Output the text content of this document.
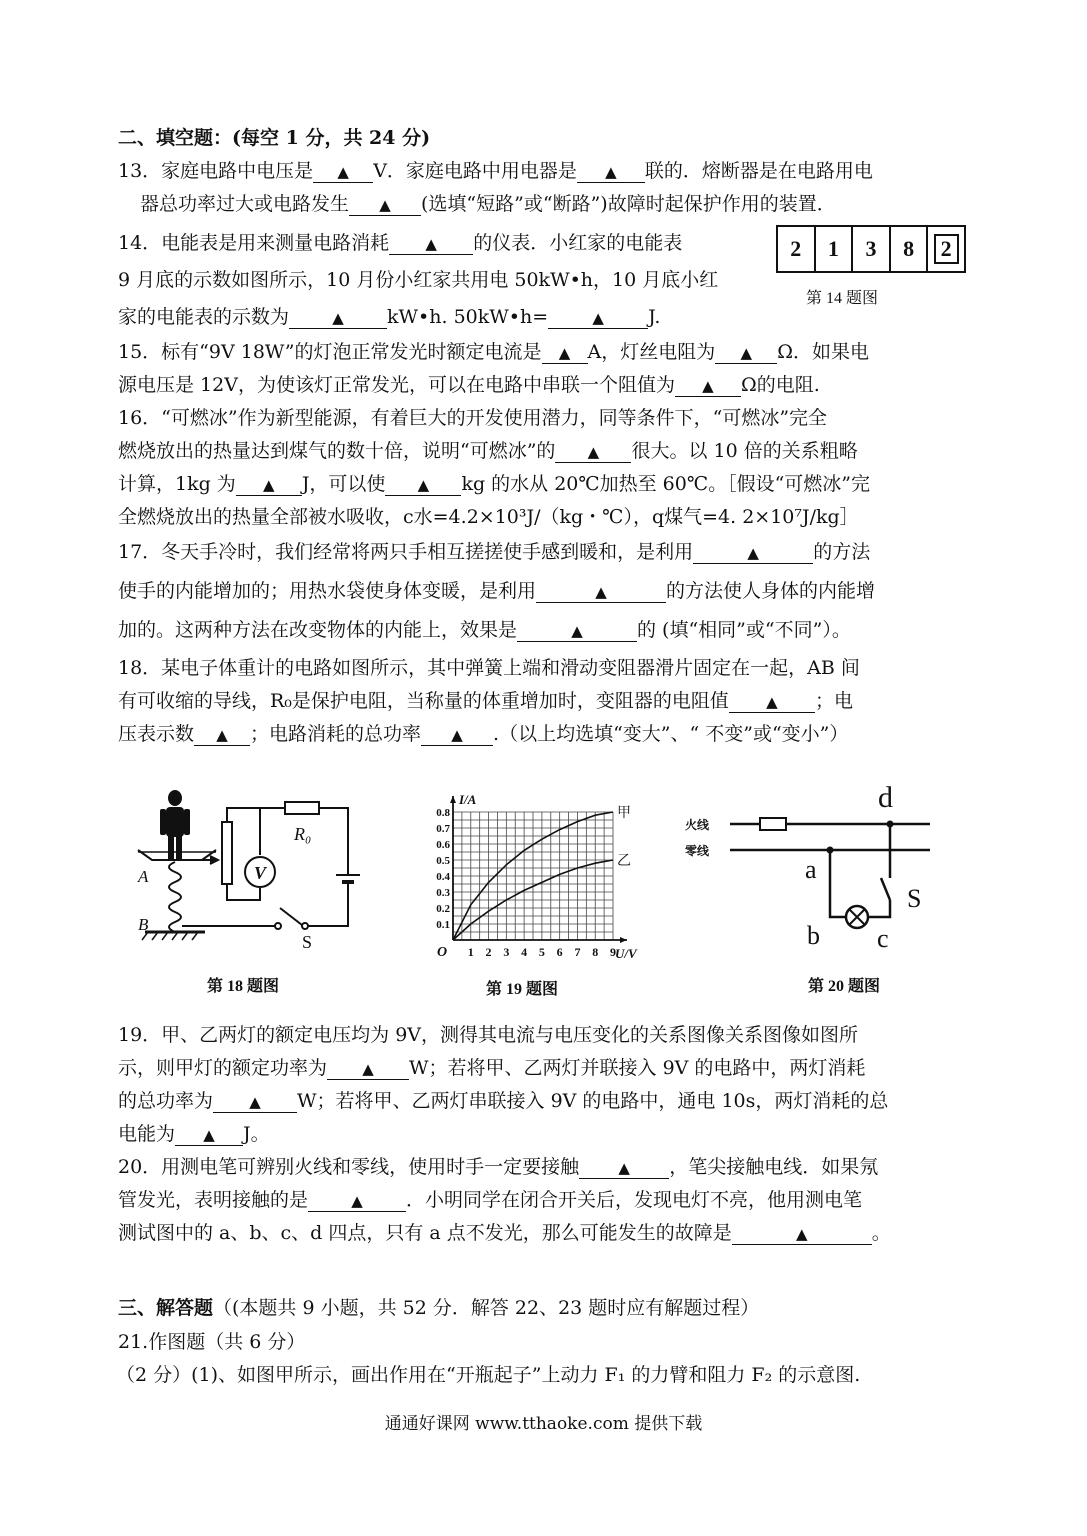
二、填空题：(每空 1 分，共 24 分)
13．家庭电路中电压是 ▲ V．家庭电路中用电器是 ▲ 联的．熔断器是在电路用电
器总功率过大或电路发生 ▲ (选填“短路”或“断路”)故障时起保护作用的装置．
14．电能表是用来测量电路消耗 ▲ 的仪表．小红家的电能表
9 月底的示数如图所示，10 月份小红家共用电 50kW•h，10 月底小红
家的电能表的示数为	▲ kW•h. 50kW•h=	▲ J.
2	1	3	8	2
第 14 题图
15．标有“9V 18W”的灯泡正常发光时额定电流是 ▲ A，灯丝电阻为 ▲ Ω．如果电
源电压是 12V，为使该灯正常发光，可以在电路中串联一个阻值为 ▲ Ω的电阻.
16．“可燃冰”作为新型能源，有着巨大的开发使用潜力，同等条件下，“可燃冰”完全
燃烧放出的热量达到煤气的数十倍，说明“可燃冰”的 ▲ 很大。以 10 倍的关系粗略
计算，1kg 为 ▲ J，可以使 ▲ kg 的水从 20℃加热至 60℃。［假设“可燃冰”完
全燃烧放出的热量全部被水吸收，c水=4.2×10³J/（kg・℃），q煤气=4. 2×10⁷J/kg］
17．冬天手冷时，我们经常将两只手相互搓搓使手感到暖和，是利用	▲	的方法
使手的内能增加的；用热水袋使身体变暖，是利用	▲	的方法使人身体的内能增
加的。这两种方法在改变物体的内能上，效果是	▲	的 (填“相同”或“不同”）。
18．某电子体重计的电路如图所示，其中弹簧上端和滑动变阻器滑片固定在一起，AB 间
有可收缩的导线，R₀是保护电阻，当称量的体重增加时，变阻器的电阻值 ▲ ；电
压表示数 ▲ ；电路消耗的总功率 ▲ .（以上均选填“变大”、“ 不变”或“变小”）
V
R₀
A
B
S
第 18 题图
1 2 3 4 5 6 7 8 9
0.1
0.2
0.3
0.4
0.5
0.6
0.7
0.8	甲
乙
I/A
U/V
O
第 19 题图
火线
零线
d
a
b c
S
第 20 题图
19．甲、乙两灯的额定电压均为 9V，测得其电流与电压变化的关系图像关系图像如图所
示，则甲灯的额定功率为 ▲ W；若将甲、乙两灯并联接入 9V 的电路中，两灯消耗
的总功率为 ▲ W；若将甲、乙两灯串联接入 9V 的电路中，通电 10s，两灯消耗的总
电能为 ▲ J。
20．用测电笔可辨别火线和零线，使用时手一定要接触	▲ ，笔尖接触电线．如果氖
管发光，表明接触的是	▲ ．小明同学在闭合开关后，发现电灯不亮，他用测电笔
测试图中的 a、b、c、d 四点，只有 a 点不发光，那么可能发生的故障是	▲	。
三、解答题（(本题共 9 小题，共 52 分．解答 22、23 题时应有解题过程）
21.作图题（共 6 分）
（2 分）(1)、如图甲所示，画出作用在“开瓶起子”上动力 F₁ 的力臂和阻力 F₂ 的示意图.
通通好课网 www.tthaoke.com 提供下载
